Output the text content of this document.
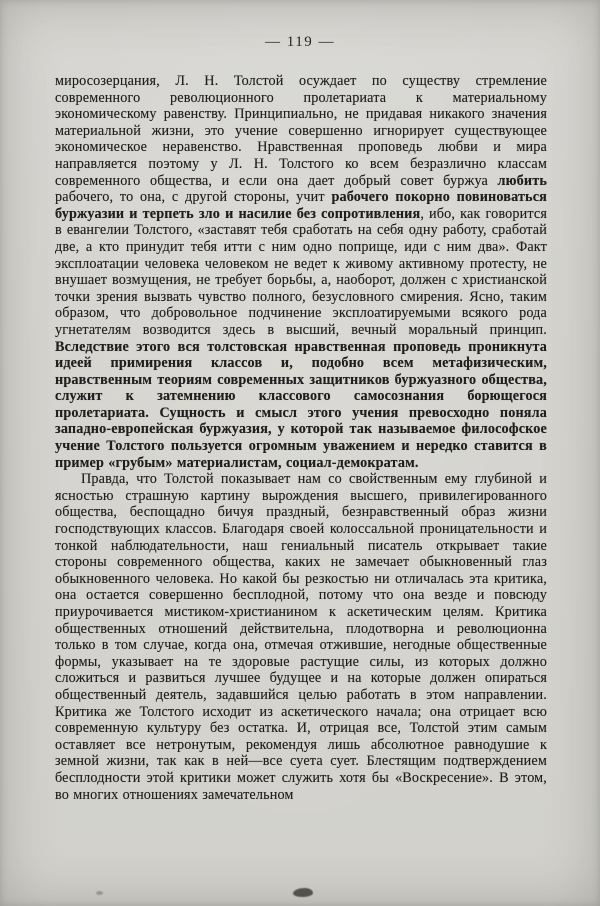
— 119 —

миросозерцания, Л. Н. Толстой осуждает по существу стремление современного революционного пролетариата к материальному экономическому равенству. Принципиально, не придавая никакого значения материальной жизни, это учение совершенно игнорирует существующее экономическое неравенство. Нравственная проповедь любви и мира направляется поэтому у Л. Н. Толстого ко всем безразлично классам современного общества, и если она дает добрый совет буржуа любить рабочего, то она, с другой стороны, учит рабочего покорно повиноваться буржуазии и терпеть зло и насилие без сопротивления, ибо, как говорится в евангелии Толстого, «заставят тебя сработать на себя одну работу, сработай две, а кто принудит тебя итти с ним одно поприще, иди с ним два». Факт эксплоатации человека человеком не ведет к живому активному протесту, не внушает возмущения, не требует борьбы, а, наоборот, должен с христианской точки зрения вызвать чувство полного, безусловного смирения. Ясно, таким образом, что добровольное подчинение эксплоатируемыми всякого рода угнетателям возводится здесь в высший, вечный моральный принцип. Вследствие этого вся толстовская нравственная проповедь проникнута идеей примирения классов и, подобно всем метафизическим, нравственным теориям современных защитников буржуазного общества, служит к затемнению классового самосознания борющегося пролетариата. Сущность и смысл этого учения превосходно поняла западно-европейская буржуазия, у которой так называемое философское учение Толстого пользуется огромным уважением и нередко ставится в пример «грубым» материалистам, социал-демократам.

Правда, что Толстой показывает нам со свойственным ему глубиной и ясностью страшную картину вырождения высшего, привилегированного общества, беспощадно бичуя праздный, безнравственный образ жизни господствующих классов. Благодаря своей колоссальной проницательности и тонкой наблюдательности, наш гениальный писатель открывает такие стороны современного общества, каких не замечает обыкновенный глаз обыкновенного человека. Но какой бы резкостью ни отличалась эта критика, она остается совершенно бесплодной, потому что она везде и повсюду приурочивается мистиком-христианином к аскетическим целям. Критика общественных отношений действительна, плодотворна и революционна только в том случае, когда она, отмечая отжившие, негодные общественные формы, указывает на те здоровые растущие силы, из которых должно сложиться и развиться лучшее будущее и на которые должен опираться общественный деятель, задавшийся целью работать в этом направлении. Критика же Толстого исходит из аскетического начала; она отрицает всю современную культуру без остатка. И, отрицая все, Толстой этим самым оставляет все нетронутым, рекомендуя лишь абсолютное равнодушие к земной жизни, так как в ней—все суета сует. Блестящим подтверждением бесплодности этой критики может служить хотя бы «Воскресение». В этом, во многих отношениях замечательном
